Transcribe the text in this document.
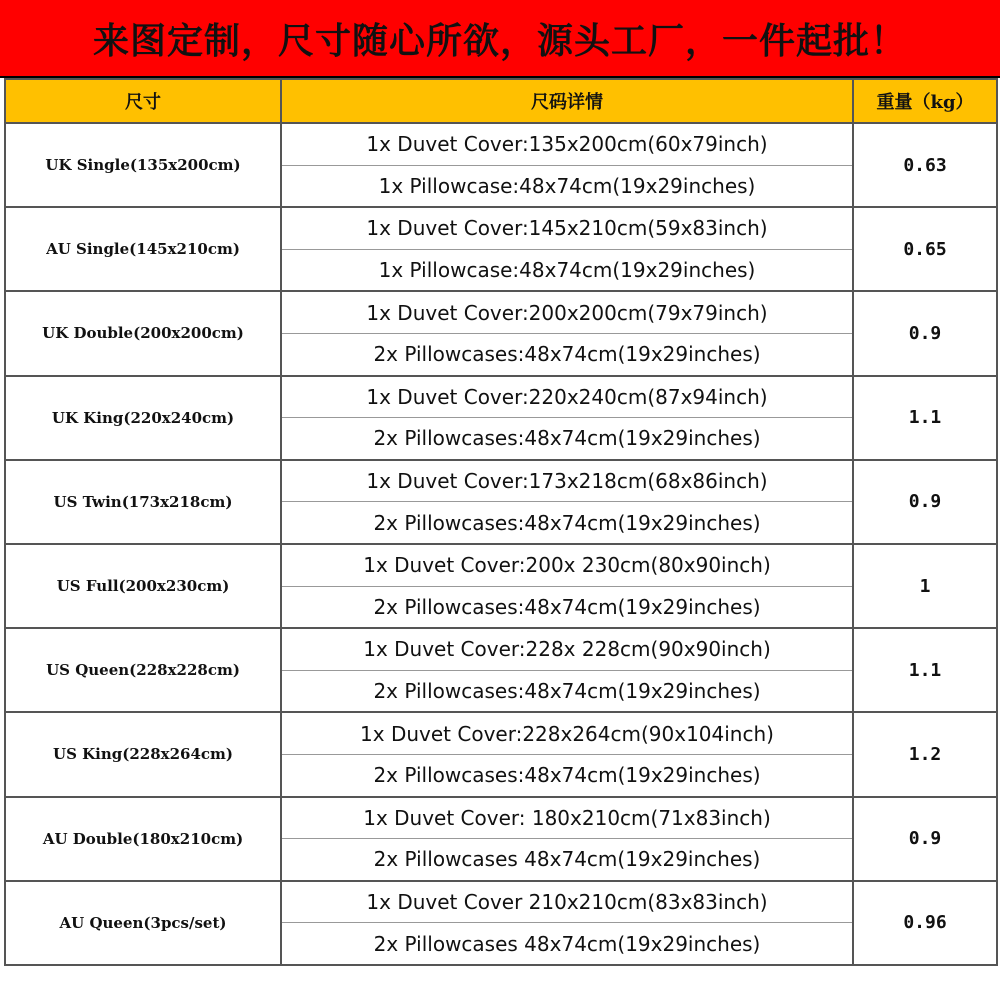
来图定制，尺寸随心所欲，源头工厂，一件起批！
尺寸	尺码详情	重量（kg）
UK Single(135x200cm)	1x Duvet Cover:135x200cm(60x79inch)	0.63
	1x Pillowcase:48x74cm(19x29inches)	
AU Single(145x210cm)	1x Duvet Cover:145x210cm(59x83inch)	0.65
	1x Pillowcase:48x74cm(19x29inches)	
UK Double(200x200cm)	1x Duvet Cover:200x200cm(79x79inch)	0.9
	2x Pillowcases:48x74cm(19x29inches)	
UK King(220x240cm)	1x Duvet Cover:220x240cm(87x94inch)	1.1
	2x Pillowcases:48x74cm(19x29inches)	
US Twin(173x218cm)	1x Duvet Cover:173x218cm(68x86inch)	0.9
	2x Pillowcases:48x74cm(19x29inches)	
US Full(200x230cm)	1x Duvet Cover:200x 230cm(80x90inch)	1
	2x Pillowcases:48x74cm(19x29inches)	
US Queen(228x228cm)	1x Duvet Cover:228x 228cm(90x90inch)	1.1
	2x Pillowcases:48x74cm(19x29inches)	
US King(228x264cm)	1x Duvet Cover:228x264cm(90x104inch)	1.2
	2x Pillowcases:48x74cm(19x29inches)	
AU Double(180x210cm)	1x Duvet Cover: 180x210cm(71x83inch)	0.9
	2x Pillowcases 48x74cm(19x29inches)	
AU Queen(3pcs/set)	1x Duvet Cover 210x210cm(83x83inch)	0.96
	2x Pillowcases 48x74cm(19x29inches)	
